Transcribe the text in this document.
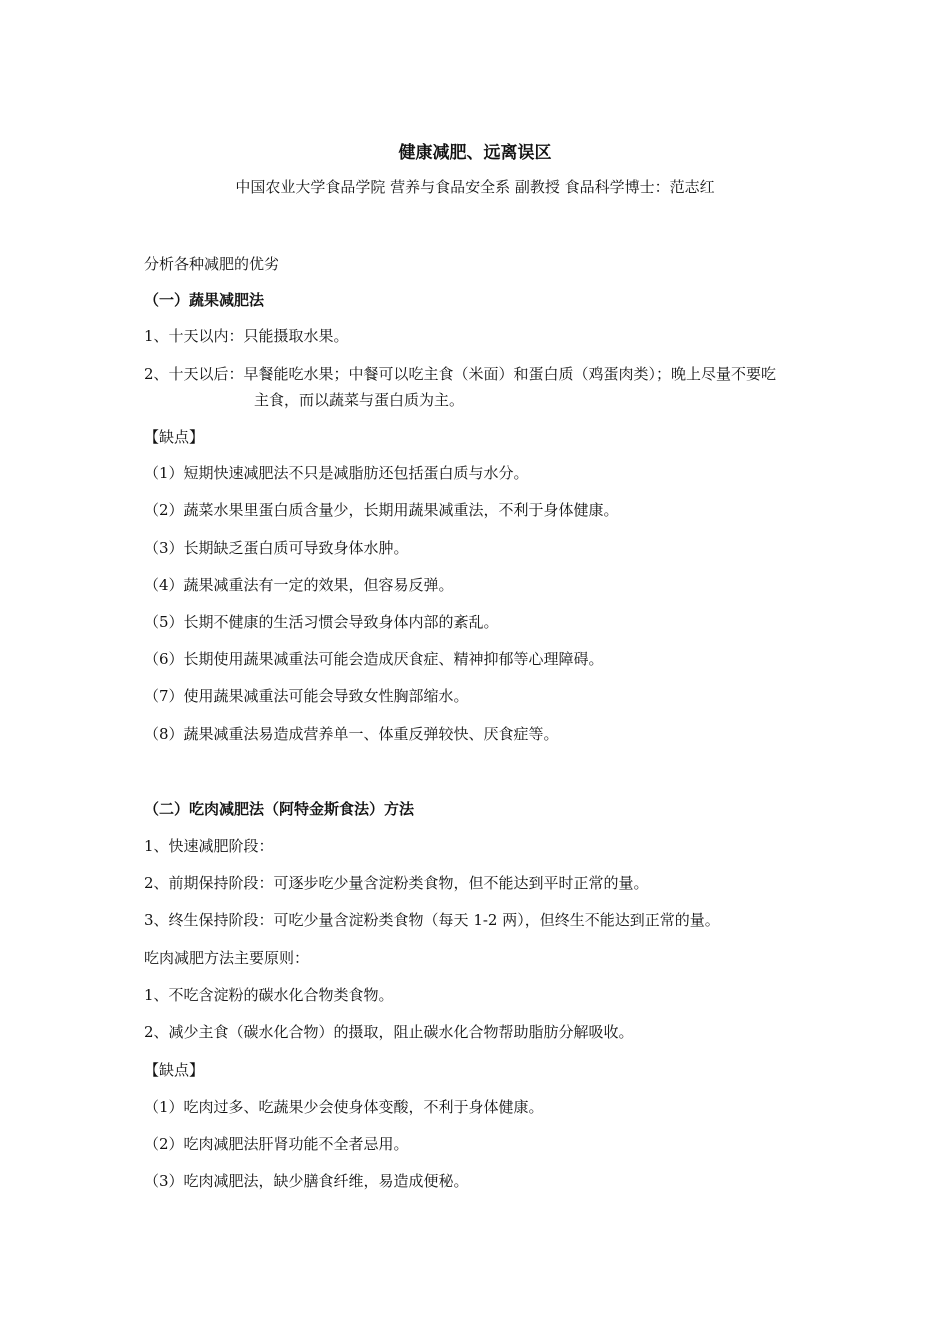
健康减肥、远离误区
中国农业大学食品学院 营养与食品安全系 副教授 食品科学博士：范志红
分析各种减肥的优劣
（一）蔬果减肥法
1、十天以内：只能摄取水果。
2、十天以后：早餐能吃水果；中餐可以吃主食（米面）和蛋白质（鸡蛋肉类）；晚上尽量不要吃
主食，而以蔬菜与蛋白质为主。
【缺点】
（1）短期快速减肥法不只是减脂肪还包括蛋白质与水分。
（2）蔬菜水果里蛋白质含量少，长期用蔬果减重法，不利于身体健康。
（3）长期缺乏蛋白质可导致身体水肿。
（4）蔬果减重法有一定的效果，但容易反弹。
（5）长期不健康的生活习惯会导致身体内部的紊乱。
（6）长期使用蔬果减重法可能会造成厌食症、精神抑郁等心理障碍。
（7）使用蔬果减重法可能会导致女性胸部缩水。
（8）蔬果减重法易造成营养单一、体重反弹较快、厌食症等。
（二）吃肉减肥法（阿特金斯食法）方法
1、快速减肥阶段：
2、前期保持阶段：可逐步吃少量含淀粉类食物，但不能达到平时正常的量。
3、终生保持阶段：可吃少量含淀粉类食物（每天 1-2 两），但终生不能达到正常的量。
吃肉减肥方法主要原则：
1、不吃含淀粉的碳水化合物类食物。
2、减少主食（碳水化合物）的摄取，阻止碳水化合物帮助脂肪分解吸收。
【缺点】
（1）吃肉过多、吃蔬果少会使身体变酸，不利于身体健康。
（2）吃肉减肥法肝肾功能不全者忌用。
（3）吃肉减肥法，缺少膳食纤维，易造成便秘。
